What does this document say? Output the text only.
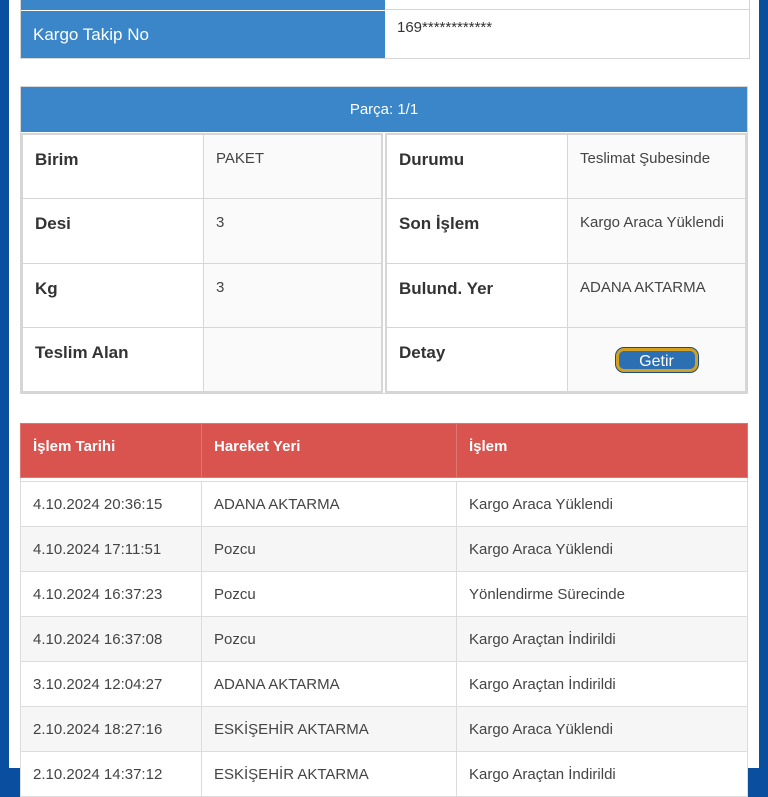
Kargo Takip No	169************
Parça: 1/1
Birim	PAKET
Desi	3
Kg	3
Teslim Alan	
Durumu	Teslimat Şubesinde
Son İşlem	Kargo Araca Yüklendi
Bulund. Yer	ADANA AKTARMA
Detay	Getir
İşlem Tarihi	Hareket Yeri	İşlem

4.10.2024 20:36:15	ADANA AKTARMA	Kargo Araca Yüklendi
4.10.2024 17:11:51	Pozcu	Kargo Araca Yüklendi
4.10.2024 16:37:23	Pozcu	Yönlendirme Sürecinde
4.10.2024 16:37:08	Pozcu	Kargo Araçtan İndirildi
3.10.2024 12:04:27	ADANA AKTARMA	Kargo Araçtan İndirildi
2.10.2024 18:27:16	ESKİŞEHİR AKTARMA	Kargo Araca Yüklendi
2.10.2024 14:37:12	ESKİŞEHİR AKTARMA	Kargo Araçtan İndirildi
